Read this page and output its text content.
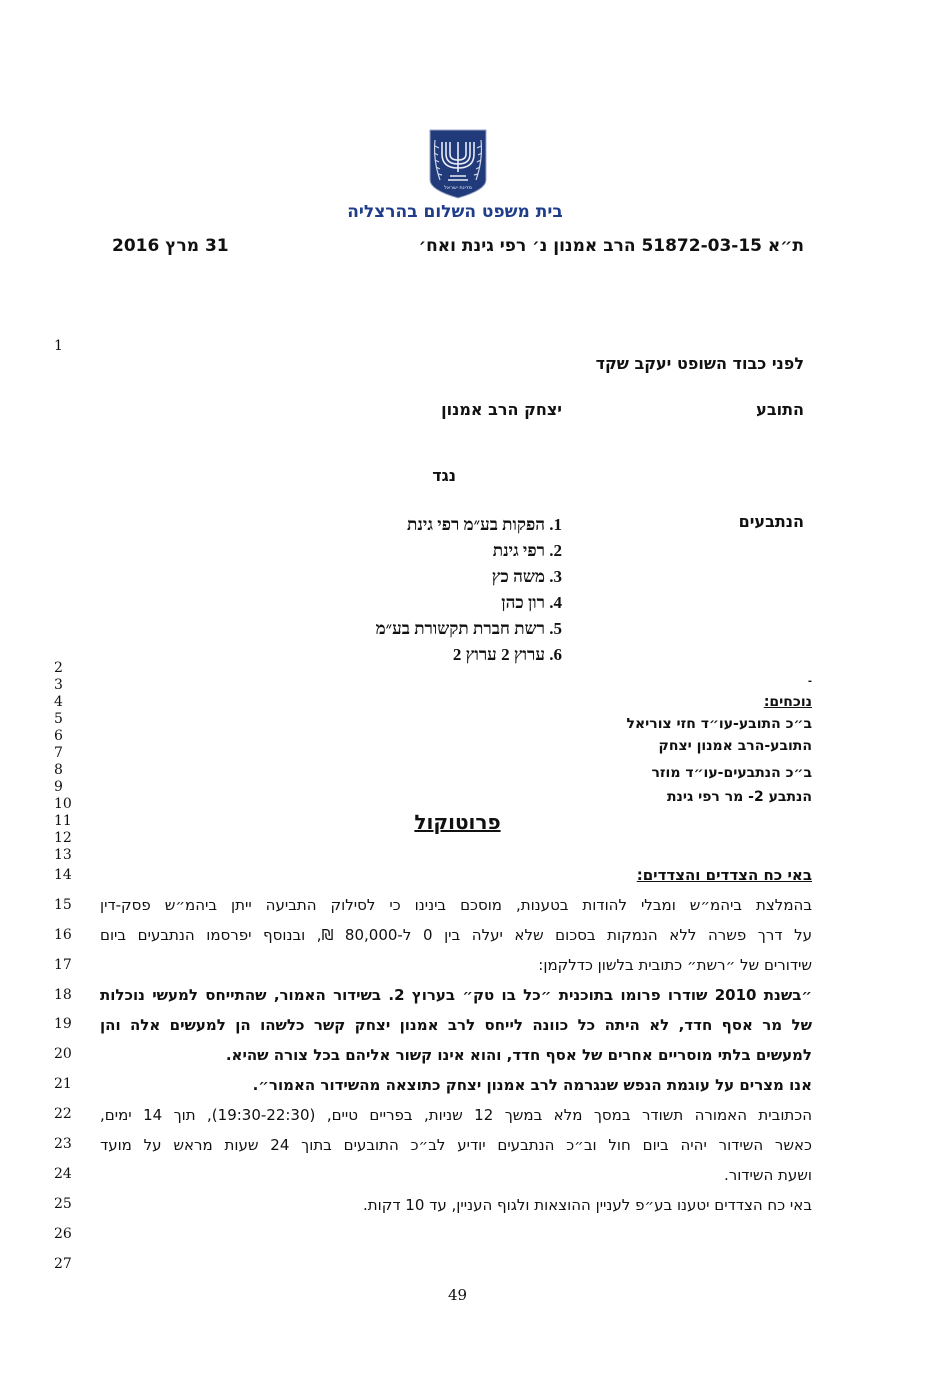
מדינת ישראל
בית משפט השלום בהרצליה
ת״א 51872-03-15 הרב אמנון נ׳ רפי גינת ואח׳
31 מרץ 2016
1
2
3
4
5
6
7
8
9
10
11
12
13
14
15
16
17
18
19
20
21
22
23
24
25
26
27
לפני כבוד השופט יעקב שקד
התובע
יצחק הרב אמנון
נגד
הנתבעים
1. הפקות בע״מ רפי גינת
2. רפי גינת
3. משה כץ
4. רון כהן
5. רשת חברת תקשורת בע״מ
6. ערוץ 2 ערוץ 2
-
נוכחים:
ב״כ התובע-עו״ד חזי צוריאל
התובע-הרב אמנון יצחק
ב״כ הנתבעים-עו״ד מוזר
הנתבע 2- מר רפי גינת
פרוטוקול
באי כח הצדדים והצדדים:
בהמלצת ביהמ״ש ומבלי להודות בטענות, מוסכם בינינו כי לסילוק התביעה ייתן ביהמ״ש פסק-דין
על דרך פשרה ללא הנמקות בסכום שלא יעלה בין 0 ל-80,000 ₪, ובנוסף יפרסמו הנתבעים ביום
שידורים של ״רשת״ כתובית בלשון כדלקמן:
״בשנת 2010 שודרו פרומו בתוכנית ״כל בו טק״ בערוץ 2. בשידור האמור, שהתייחס למעשי נוכלות
של מר אסף חדד, לא היתה כל כוונה לייחס לרב אמנון יצחק קשר כלשהו הן למעשים אלה והן
למעשים בלתי מוסריים אחרים של אסף חדד, והוא אינו קשור אליהם בכל צורה שהיא.
אנו מצרים על עוגמת הנפש שנגרמה לרב אמנון יצחק כתוצאה מהשידור האמור״.
הכתובית האמורה תשודר במסך מלא במשך 12 שניות, בפריים טיים, (19:30-22:30), תוך 14 ימים,
כאשר השידור יהיה ביום חול וב״כ הנתבעים יודיע לב״כ התובעים בתוך 24 שעות מראש על מועד
ושעת השידור.
באי כח הצדדים יטענו בע״פ לעניין ההוצאות ולגוף העניין, עד 10 דקות.
49
